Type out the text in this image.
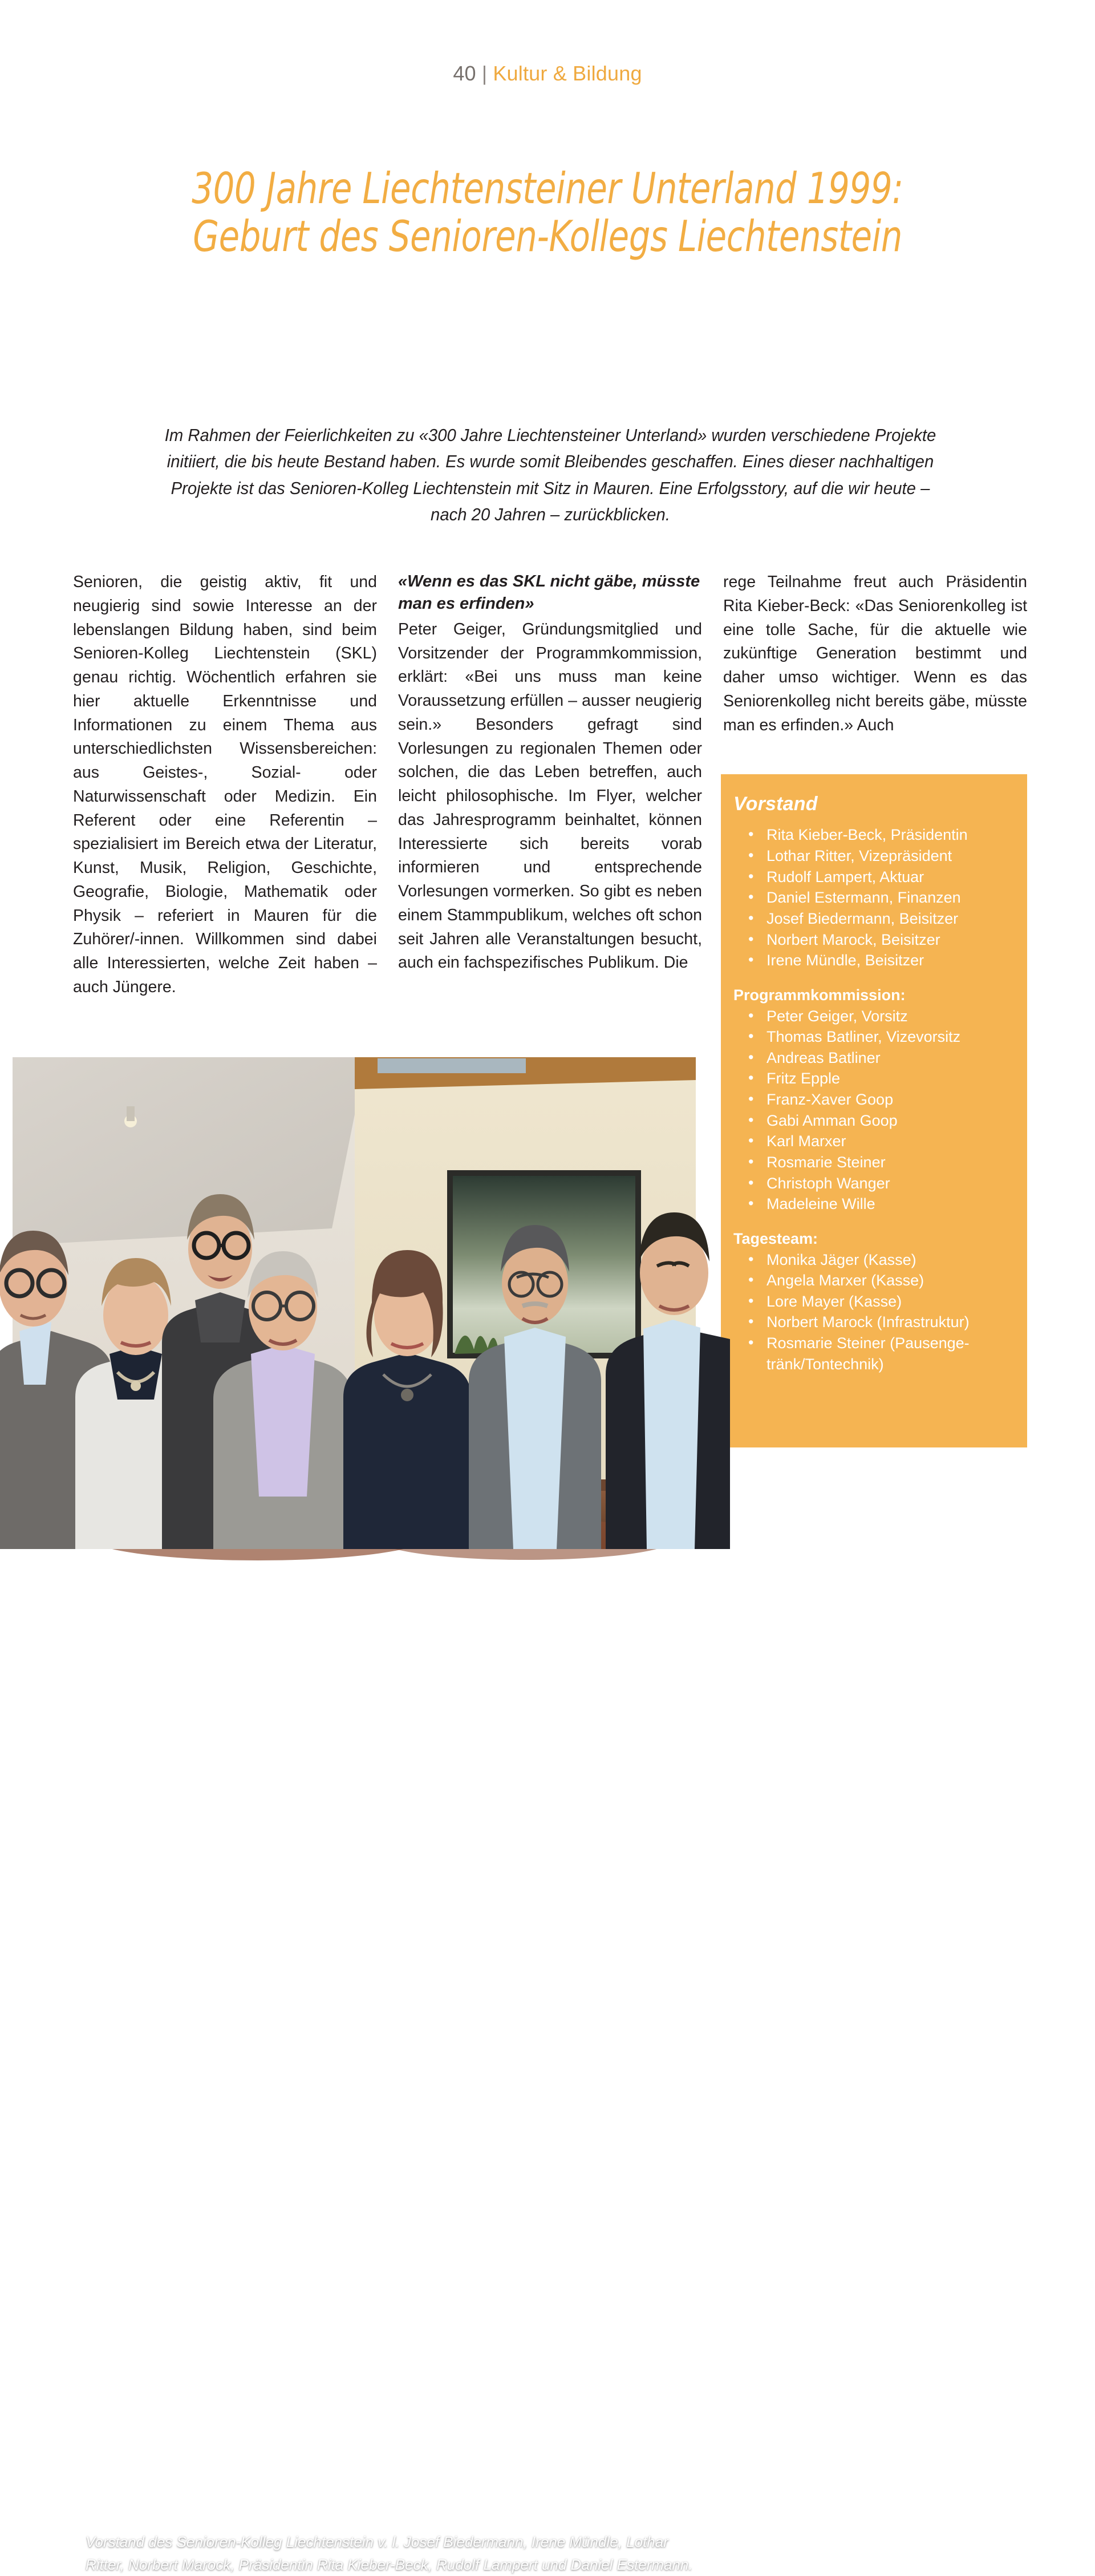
40 | Kultur & Bildung
300 Jahre Liechtensteiner Unterland 1999: Geburt des Senioren-Kollegs Liechtenstein

Im Rahmen der Feierlichkeiten zu «300 Jahre Liechtensteiner Unterland» wurden verschiedene Projekte initiiert, die bis heute Bestand haben. Es wurde somit Bleibendes geschaffen. Eines dieser nachhaltigen Projekte ist das Senioren-Kolleg Liechtenstein mit Sitz in Mauren. Eine Erfolgsstory, auf die wir heute – nach 20 Jahren – zurückblicken.

Senioren, die geistig aktiv, fit und neugierig sind sowie Interesse an der lebenslangen Bildung haben, sind beim Senioren-Kolleg Liechtenstein (SKL) genau richtig. Wöchentlich erfahren sie hier aktuelle Erkenntnisse und Informationen zu einem Thema aus unterschiedlichsten Wissensbereichen: aus Geistes-, Sozial- oder Naturwissenschaft oder Medizin. Ein Referent oder eine Referentin – spezialisiert im Bereich etwa der Literatur, Kunst, Musik, Religion, Geschichte, Geografie, Biologie, Mathematik oder Physik – referiert in Mauren für die Zuhörer/-innen. Willkommen sind dabei alle Interessierten, welche Zeit haben – auch Jüngere.
«Wenn es das SKL nicht gäbe, müsste man es erfinden»
Peter Geiger, Gründungsmitglied und Vorsitzender der Programmkommission, erklärt: «Bei uns muss man keine Voraussetzung erfüllen – ausser neugierig sein.» Besonders gefragt sind Vorlesungen zu regionalen Themen oder solchen, die das Leben betreffen, auch leicht philosophische. Im Flyer, welcher das Jahresprogramm beinhaltet, können Interessierte sich bereits vorab informieren und entsprechende Vorlesungen vormerken. So gibt es neben einem Stammpublikum, welches oft schon seit Jahren alle Veranstaltungen besucht, auch ein fachspezifisches Publikum. Die
rege Teilnahme freut auch Präsidentin Rita Kieber-Beck: «Das Seniorenkolleg ist eine tolle Sache, für die aktuelle wie zukünftige Generation bestimmt und daher umso wichtiger. Wenn es das Seniorenkolleg nicht bereits gäbe, müsste man es erfinden.» Auch
Vorstand
• Rita Kieber-Beck, Präsidentin
• Lothar Ritter, Vizepräsident
• Rudolf Lampert, Aktuar
• Daniel Estermann, Finanzen
• Josef Biedermann, Beisitzer
• Norbert Marock, Beisitzer
• Irene Mündle, Beisitzer
Programmkommission:
• Peter Geiger, Vorsitz
• Thomas Batliner, Vizevorsitz
• Andreas Batliner
• Fritz Epple
• Franz-Xaver Goop
• Gabi Amman Goop
• Karl Marxer
• Rosmarie Steiner
• Christoph Wanger
• Madeleine Wille
Tagesteam:
• Monika Jäger (Kasse)
• Angela Marxer (Kasse)
• Lore Mayer (Kasse)
• Norbert Marock (Infrastruktur)
• Rosmarie Steiner (Pausenge-
tränk/Tontechnik)
Vorstand des Senioren-Kolleg Liechtenstein v. l. Josef Biedermann, Irene Mündle, Lothar Ritter, Norbert Marock, Präsidentin Rita Kieber-Beck, Rudolf Lampert und Daniel Estermann.
